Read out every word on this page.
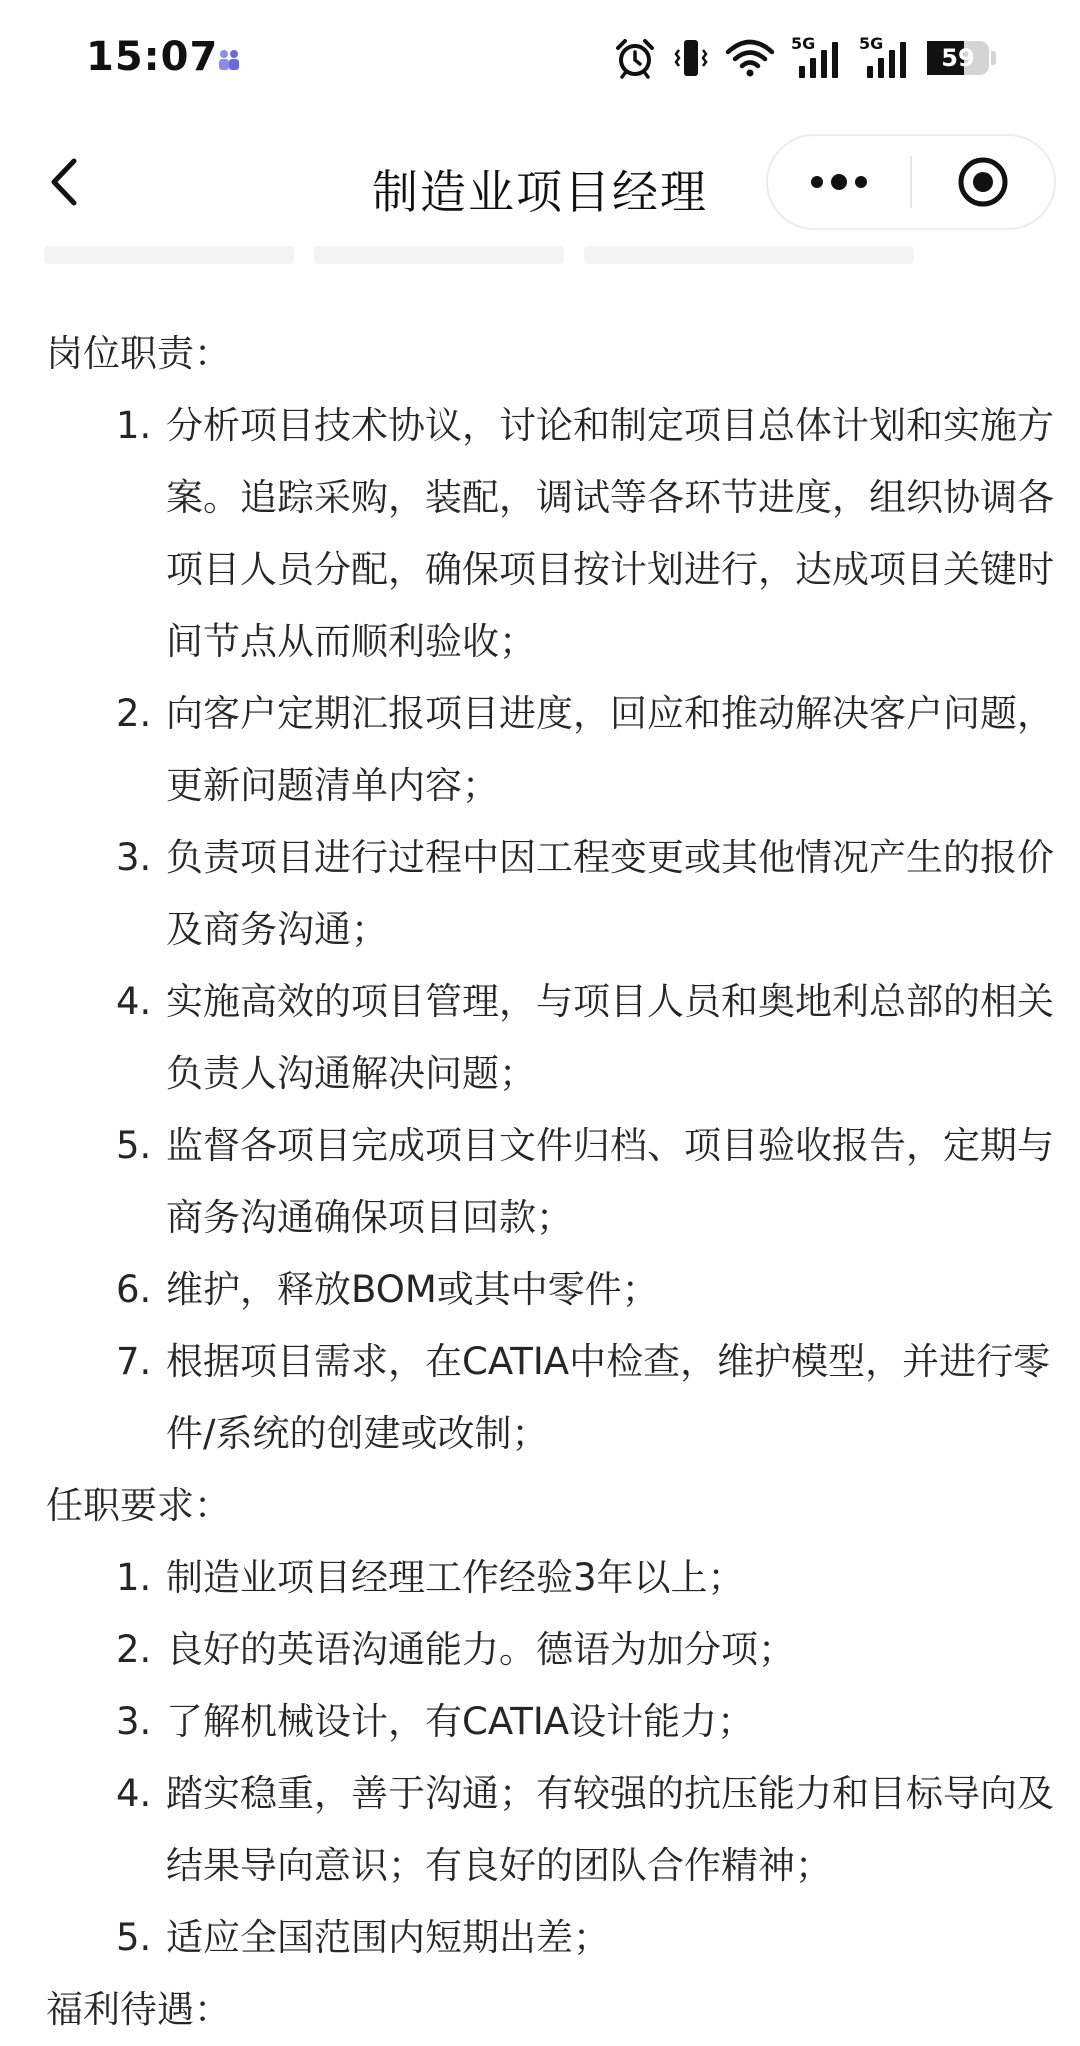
15:07	5G	5G
59
制造业项目经理
岗位职责：
1. 分析项目技术协议，讨论和制定项目总体计划和实施方案。追踪采购，装配，调试等各环节进度，组织协调各项目人员分配，确保项目按计划进行，达成项目关键时间节点从而顺利验收；
2. 向客户定期汇报项目进度，回应和推动解决客户问题，更新问题清单内容；
3. 负责项目进行过程中因工程变更或其他情况产生的报价及商务沟通；
4. 实施高效的项目管理，与项目人员和奥地利总部的相关负责人沟通解决问题；
5. 监督各项目完成项目文件归档、项目验收报告，定期与商务沟通确保项目回款；
6. 维护，释放BOM或其中零件；
7. 根据项目需求，在CATIA中检查，维护模型，并进行零件/系统的创建或改制；
任职要求：
1. 制造业项目经理工作经验3年以上；
2. 良好的英语沟通能力。德语为加分项；
3. 了解机械设计，有CATIA设计能力；
4. 踏实稳重，善于沟通；有较强的抗压能力和目标导向及结果导向意识；有良好的团队合作精神；
5. 适应全国范围内短期出差；
福利待遇：
